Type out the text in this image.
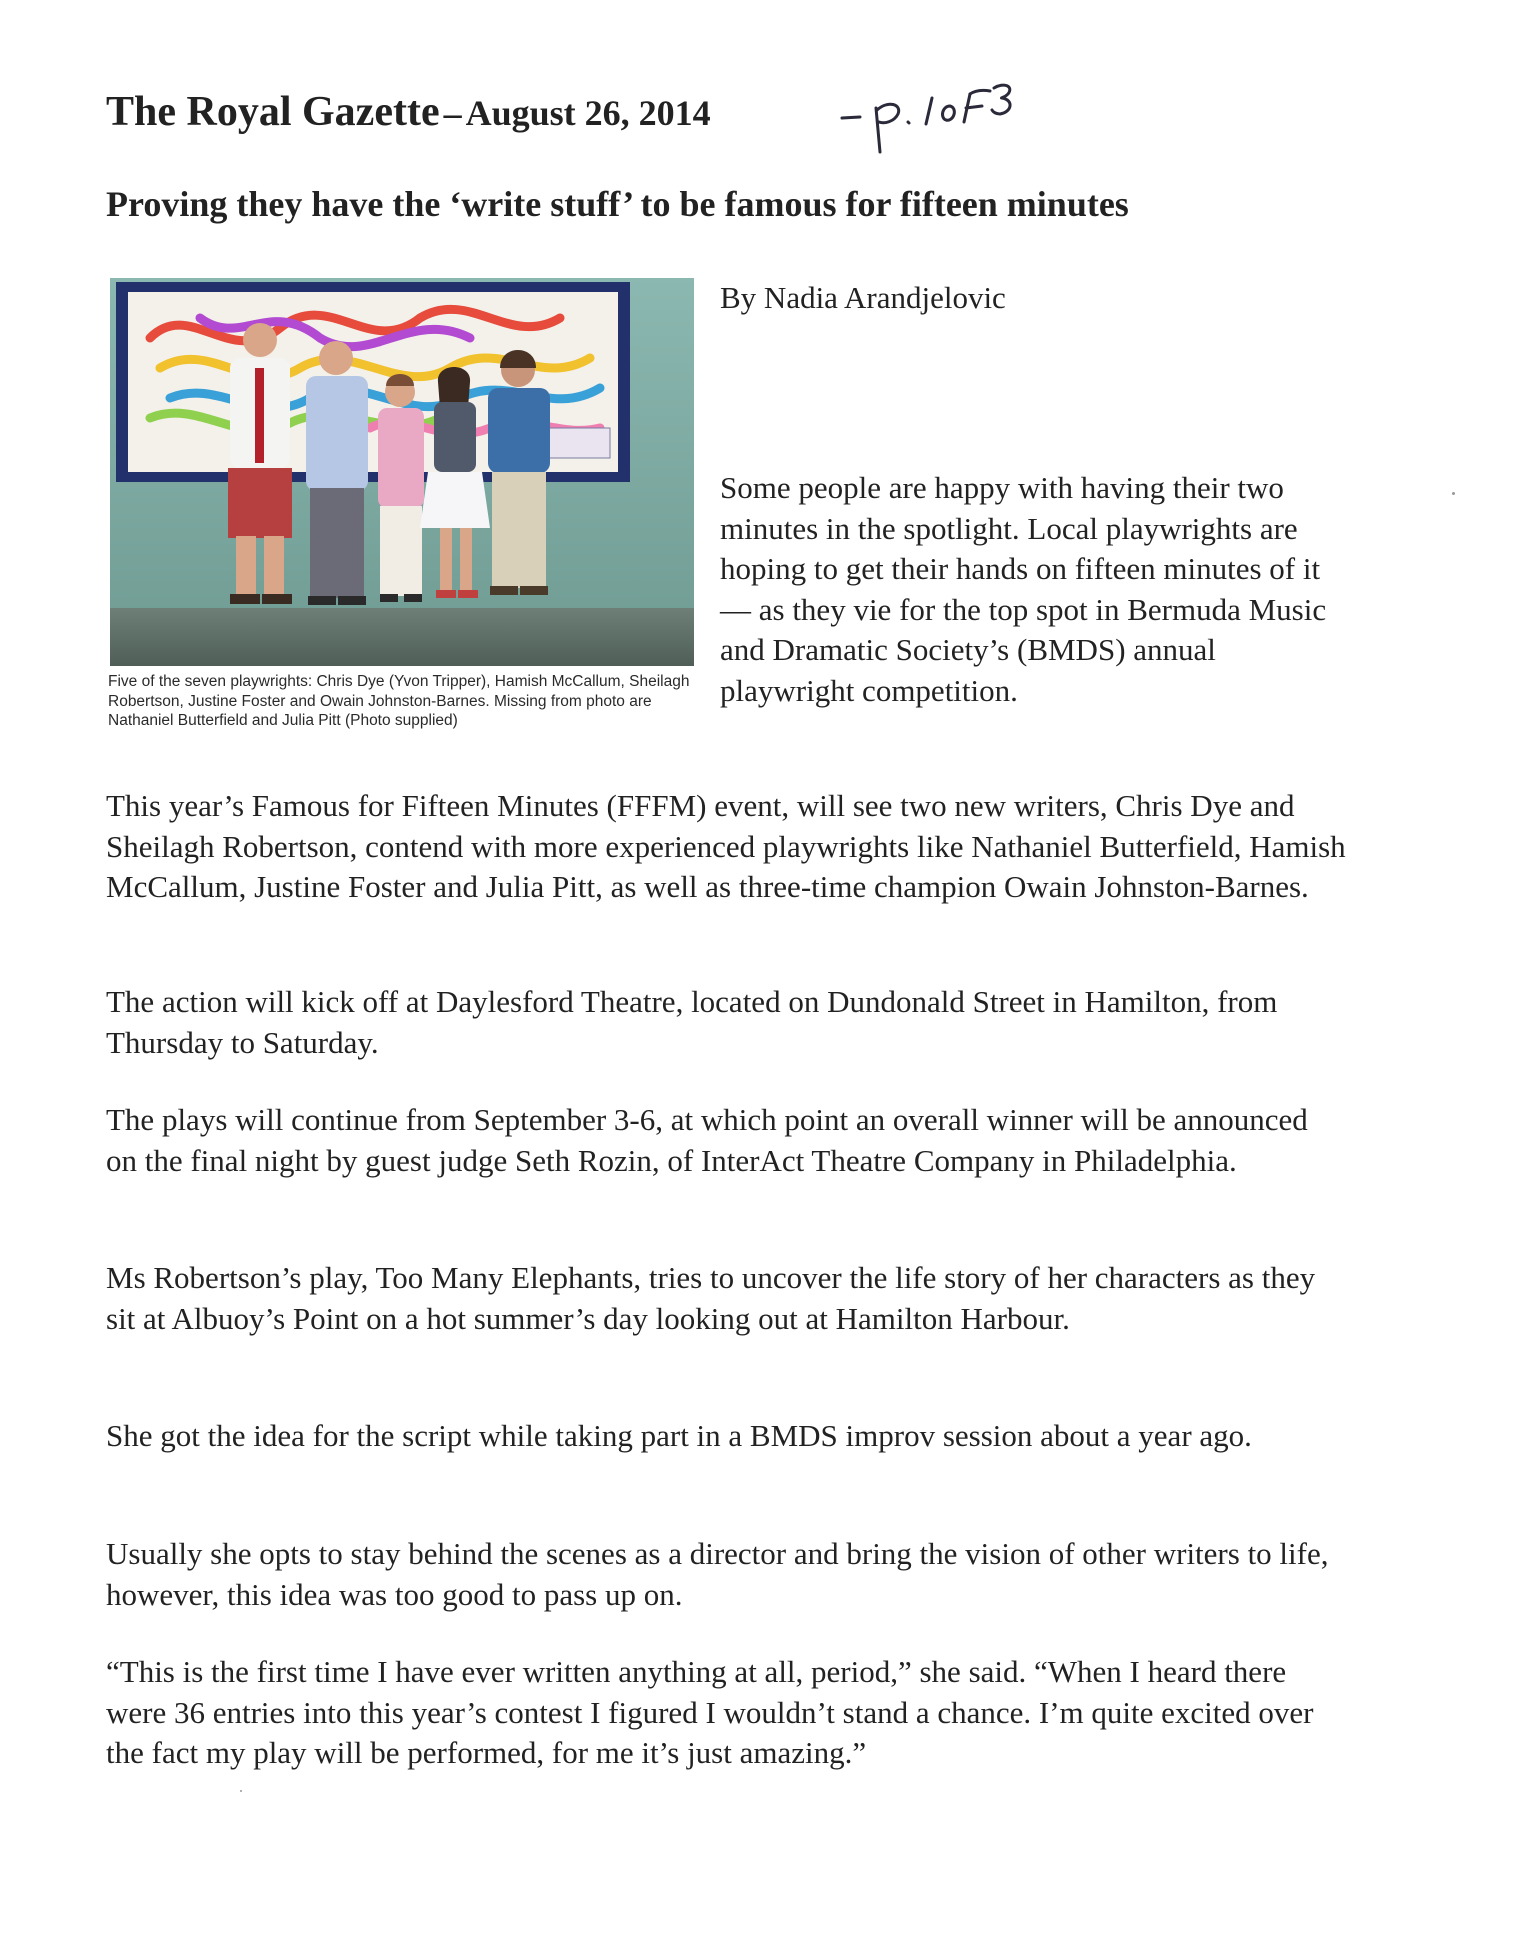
The Royal Gazette – August 26, 2014
Proving they have the ‘write stuff’ to be famous for fifteen minutes
Five of the seven playwrights: Chris Dye (Yvon Tripper), Hamish McCallum, Sheilagh Robertson, Justine Foster and Owain Johnston-Barnes. Missing from photo are Nathaniel Butterfield and Julia Pitt (Photo supplied)
By Nadia Arandjelovic
Some people are happy with having their two minutes in the spotlight. Local playwrights are hoping to get their hands on fifteen minutes of it — as they vie for the top spot in Bermuda Music and Dramatic Society’s (BMDS) annual playwright competition.

This year’s Famous for Fifteen Minutes (FFFM) event, will see two new writers, Chris Dye and Sheilagh Robertson, contend with more experienced playwrights like Nathaniel Butterfield, Hamish McCallum, Justine Foster and Julia Pitt, as well as three-time champion Owain Johnston-Barnes.

The action will kick off at Daylesford Theatre, located on Dundonald Street in Hamilton, from Thursday to Saturday.

The plays will continue from September 3-6, at which point an overall winner will be announced on the final night by guest judge Seth Rozin, of InterAct Theatre Company in Philadelphia.

Ms Robertson’s play, Too Many Elephants, tries to uncover the life story of her characters as they sit at Albuoy’s Point on a hot summer’s day looking out at Hamilton Harbour.

She got the idea for the script while taking part in a BMDS improv session about a year ago.

Usually she opts to stay behind the scenes as a director and bring the vision of other writers to life, however, this idea was too good to pass up on.

“This is the first time I have ever written anything at all, period,” she said. “When I heard there were 36 entries into this year’s contest I figured I wouldn’t stand a chance. I’m quite excited over the fact my play will be performed, for me it’s just amazing.”
